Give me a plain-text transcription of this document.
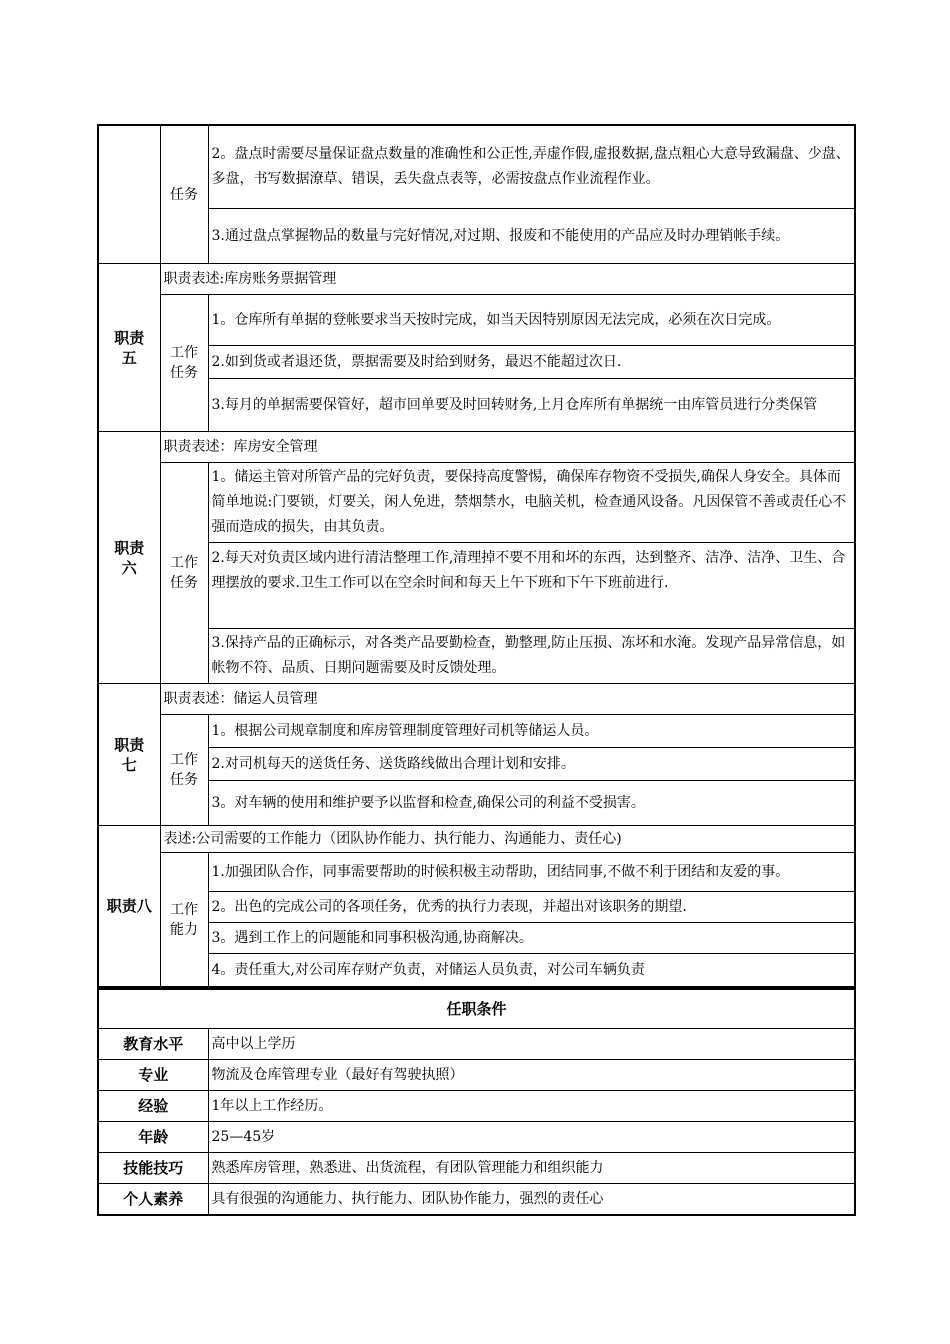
	任务	2。盘点时需要尽量保证盘点数量的准确性和公正性,弄虚作假,虚报数据,盘点粗心大意导致漏盘、少盘、多盘，书写数据潦草、错误，丢失盘点表等，必需按盘点作业流程作业。
		3.通过盘点掌握物品的数量与完好情况,对过期、报废和不能使用的产品应及时办理销帐手续。
职责五	职责表述:库房账务票据管理	
	工作任务	1。仓库所有单据的登帐要求当天按时完成，如当天因特别原因无法完成，必须在次日完成。
		2.如到货或者退还货，票据需要及时给到财务，最迟不能超过次日.
		3.每月的单据需要保管好，超市回单要及时回转财务,上月仓库所有单据统一由库管员进行分类保管
职责六	职责表述：库房安全管理	
	工作任务	1。储运主管对所管产品的完好负责，要保持高度警惕，确保库存物资不受损失,确保人身安全。具体而简单地说:门要锁，灯要关，闲人免进，禁烟禁水，电脑关机，检查通风设备。凡因保管不善或责任心不强而造成的损失，由其负责。
		2.每天对负责区域内进行清洁整理工作,清理掉不要不用和坏的东西，达到整齐、洁净、洁净、卫生、合理摆放的要求.卫生工作可以在空余时间和每天上午下班和下午下班前进行.
		3.保持产品的正确标示，对各类产品要勤检查，勤整理,防止压损、冻坏和水淹。发现产品异常信息，如帐物不符、品质、日期问题需要及时反馈处理。
职责七	职责表述：储运人员管理	
	工作任务	1。根据公司规章制度和库房管理制度管理好司机等储运人员。
		2.对司机每天的送货任务、送货路线做出合理计划和安排。
		3。对车辆的使用和维护要予以监督和检查,确保公司的利益不受损害。
职责八	表述:公司需要的工作能力（团队协作能力、执行能力、沟通能力、责任心)	
	工作能力	1.加强团队合作，同事需要帮助的时候积极主动帮助，团结同事,不做不利于团结和友爱的事。
		2。出色的完成公司的各项任务，优秀的执行力表现，并超出对该职务的期望.
		3。遇到工作上的问题能和同事积极沟通,协商解决。
		4。责任重大,对公司库存财产负责，对储运人员负责，对公司车辆负责
任职条件	
教育水平	高中以上学历
专业	物流及仓库管理专业（最好有驾驶执照）
经验	1年以上工作经历。
年龄	25—45岁
技能技巧	熟悉库房管理，熟悉进、出货流程，有团队管理能力和组织能力
个人素养	具有很强的沟通能力、执行能力、团队协作能力，强烈的责任心
